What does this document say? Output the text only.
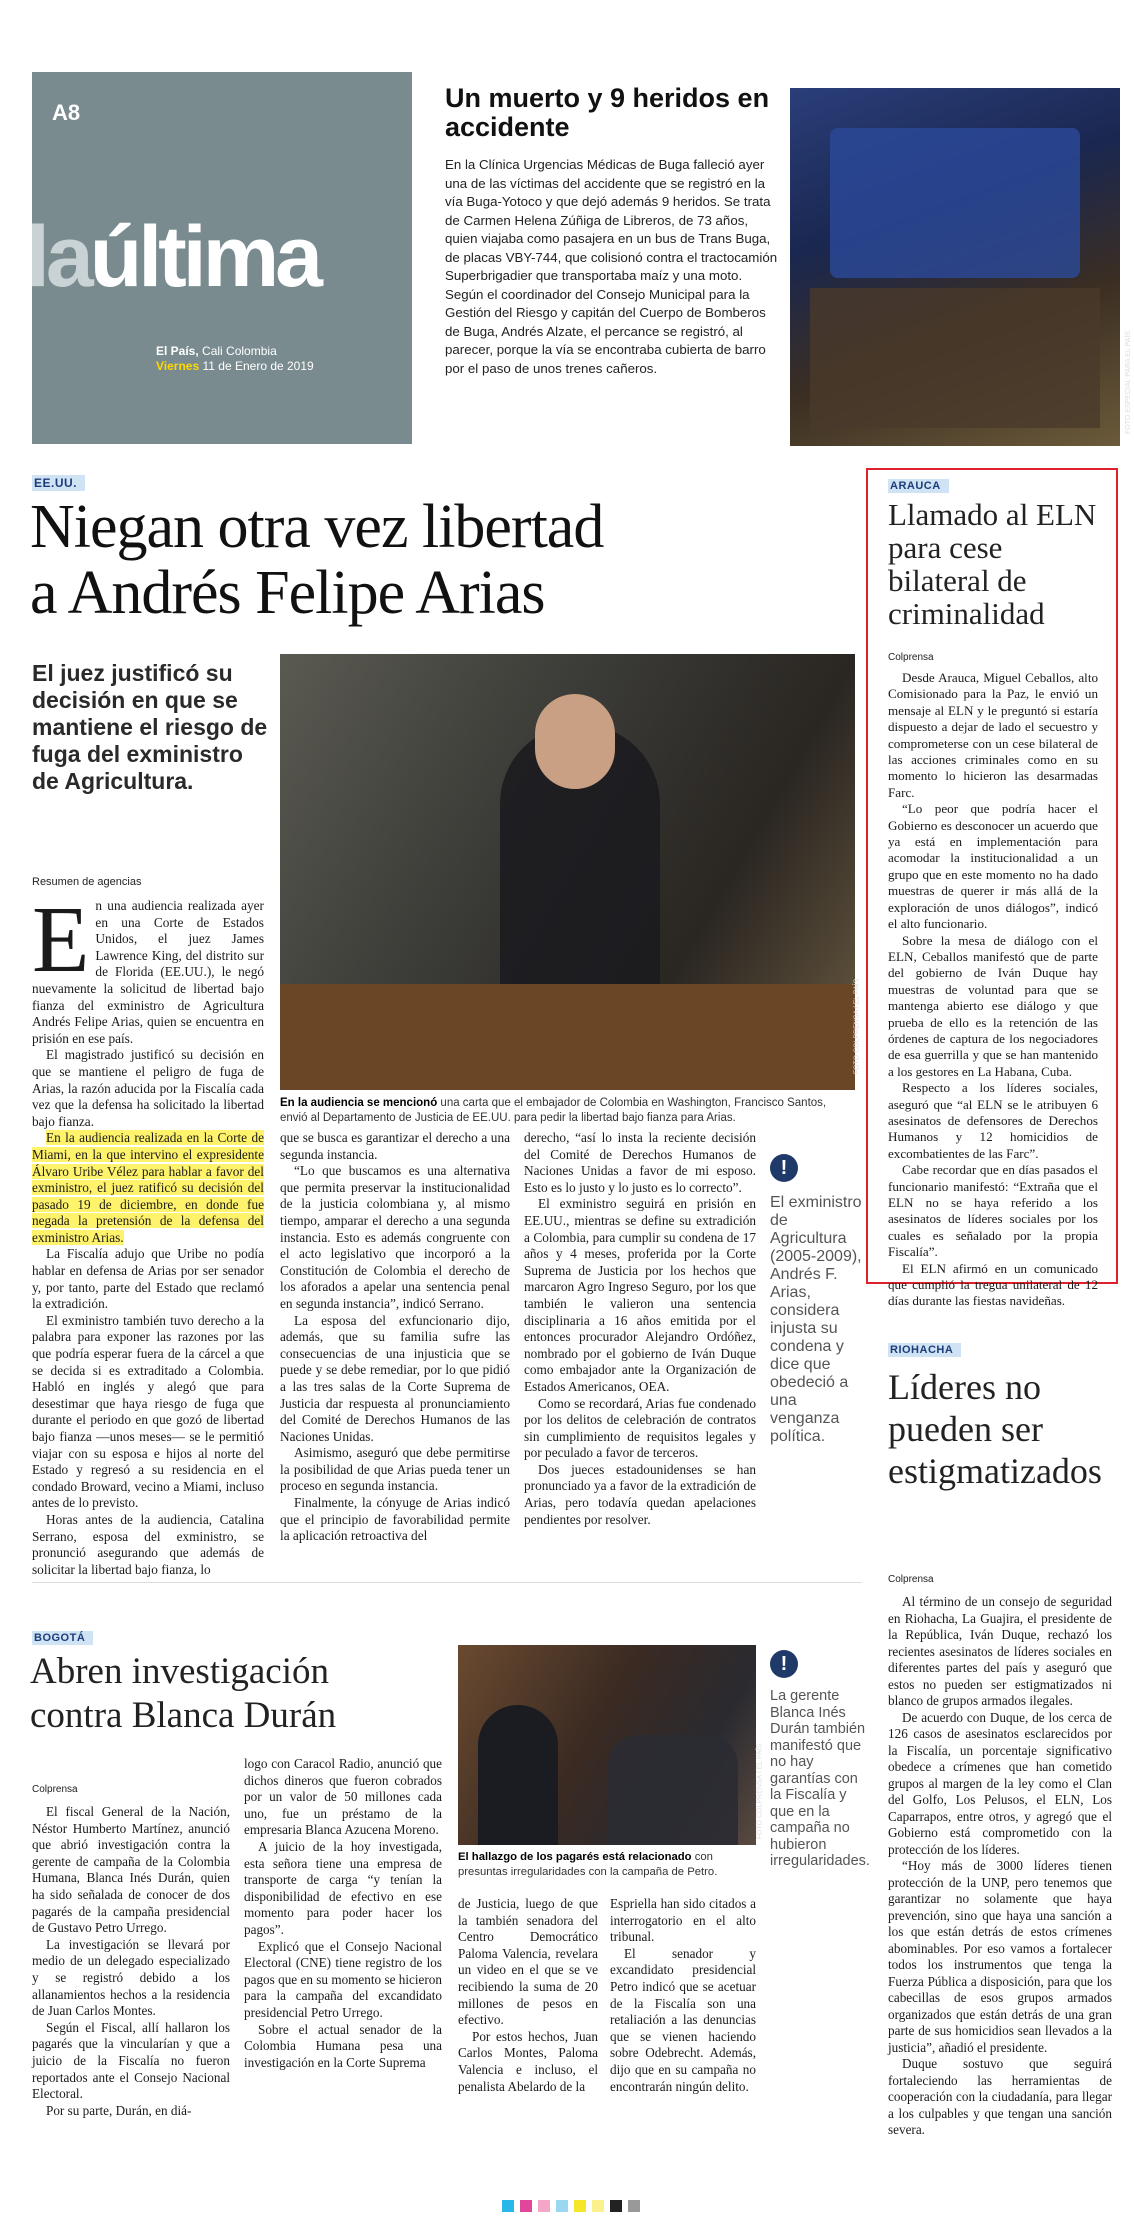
A8
laúltima
El País, Cali Colombia
Viernes 11 de Enero de 2019
Un muerto y 9 heridos en accidente
En la Clínica Urgencias Médicas de Buga falleció ayer una de las víctimas del accidente que se registró en la vía Buga-Yotoco y que dejó además 9 heridos. Se trata de Carmen Helena Zúñiga de Libreros, de 73 años, quien viajaba como pasajera en un bus de Trans Buga, de placas VBY-744, que colisionó contra el tractocamión Superbrigadier que transportaba maíz y una moto. Según el coordinador del Consejo Municipal para la Gestión del Riesgo y capitán del Cuerpo de Bomberos de Buga, Andrés Alzate, el percance se registró, al parecer, porque la vía se encontraba cubierta de barro por el paso de unos trenes cañeros.	FOTO ESPECIAL PARA EL PAÍS
EE.UU.
Niegan otra vez libertad
a Andrés Felipe Arias
El juez justificó su decisión en que se mantiene el riesgo de fuga del exministro de Agricultura.
Resumen de agencias
FOTO COLPRENSA / EL PAÍS
En la audiencia se mencionó una carta que el embajador de Colombia en Washington, Francisco Santos, envió al Departamento de Justicia de EE.UU. para pedir la libertad bajo fianza para Arias.

En una audiencia realizada ayer en una Corte de Estados Unidos, el juez James Lawrence King, del distrito sur de Florida (EE.UU.), le negó nuevamente la solicitud de libertad bajo fianza del exministro de Agricultura Andrés Felipe Arias, quien se encuentra en prisión en ese país.

El magistrado justificó su decisión en que se mantiene el peligro de fuga de Arias, la razón aducida por la Fiscalía cada vez que la defensa ha solicitado la libertad bajo fianza.

En la audiencia realizada en la Corte de Miami, en la que intervino el expresidente Álvaro Uribe Vélez para hablar a favor del exministro, el juez ratificó su decisión del pasado 19 de diciembre, en donde fue negada la pretensión de la defensa del exministro Arias.

La Fiscalía adujo que Uribe no podía hablar en defensa de Arias por ser senador y, por tanto, parte del Estado que reclamó la extradición.

El exministro también tuvo derecho a la palabra para exponer las razones por las que podría esperar fuera de la cárcel a que se decida si es extraditado a Colombia. Habló en inglés y alegó que para desestimar que haya riesgo de fuga que durante el periodo en que gozó de libertad bajo fianza —unos meses— se le permitió viajar con su esposa e hijos al norte del Estado y regresó a su residencia en el condado Broward, vecino a Miami, incluso antes de lo previsto.

Horas antes de la audiencia, Catalina Serrano, esposa del exministro, se pronunció asegurando que además de solicitar la libertad bajo fianza, lo

que se busca es garantizar el derecho a una segunda instancia.

“Lo que buscamos es una alternativa que permita preservar la institucionalidad de la justicia colombiana y, al mismo tiempo, amparar el derecho a una segunda instancia. Esto es además congruente con el acto legislativo que incorporó a la Constitución de Colombia el derecho de los aforados a apelar una sentencia penal en segunda instancia”, indicó Serrano.

La esposa del exfuncionario dijo, además, que su familia sufre las consecuencias de una injusticia que se puede y se debe remediar, por lo que pidió a las tres salas de la Corte Suprema de Justicia dar respuesta al pronunciamiento del Comité de Derechos Humanos de las Naciones Unidas.

Asimismo, aseguró que debe permitirse la posibilidad de que Arias pueda tener un proceso en segunda instancia.

Finalmente, la cónyuge de Arias indicó que el principio de favorabilidad permite la aplicación retroactiva del

derecho, “así lo insta la reciente decisión del Comité de Derechos Humanos de Naciones Unidas a favor de mi esposo. Esto es lo justo y lo justo es lo correcto”.

El exministro seguirá en prisión en EE.UU., mientras se define su extradición a Colombia, para cumplir su condena de 17 años y 4 meses, proferida por la Corte Suprema de Justicia por los hechos que marcaron Agro Ingreso Seguro, por los que también le valieron una sentencia disciplinaria a 16 años emitida por el entonces procurador Alejandro Ordóñez, nombrado por el gobierno de Iván Duque como embajador ante la Organización de Estados Americanos, OEA.

Como se recordará, Arias fue condenado por los delitos de celebración de contratos sin cumplimiento de requisitos legales y por peculado a favor de terceros.

Dos jueces estadounidenses se han pronunciado ya a favor de la extradición de Arias, pero todavía quedan apelaciones pendientes por resolver.

!
El exministro de Agricultura (2005-2009), Andrés F. Arias, considera injusta su condena y dice que obedeció a una venganza política.
ARAUCA
Llamado al ELN para cese bilateral de criminalidad
Colprensa

Desde Arauca, Miguel Ceballos, alto Comisionado para la Paz, le envió un mensaje al ELN y le preguntó si estaría dispuesto a dejar de lado el secuestro y comprometerse con un cese bilateral de las acciones criminales como en su momento lo hicieron las desarmadas Farc.

“Lo peor que podría hacer el Gobierno es desconocer un acuerdo que ya está en implementación para acomodar la institucionalidad a un grupo que en este momento no ha dado muestras de querer ir más allá de la exploración de unos diálogos”, indicó el alto funcionario.

Sobre la mesa de diálogo con el ELN, Ceballos manifestó que de parte del gobierno de Iván Duque hay muestras de voluntad para que se mantenga abierto ese diálogo y que prueba de ello es la retención de las órdenes de captura de los negociadores de esa guerrilla y que se han mantenido a los gestores en La Habana, Cuba.

Respecto a los líderes sociales, aseguró que “al ELN se le atribuyen 6 asesinatos de defensores de Derechos Humanos y 12 homicidios de excombatientes de las Farc”.

Cabe recordar que en días pasados el funcionario manifestó: “Extraña que el ELN no se haya referido a los asesinatos de líderes sociales por los cuales es señalado por la propia Fiscalía”.

El ELN afirmó en un comunicado que cumplió la tregua unilateral de 12 días durante las fiestas navideñas.

RIOHACHA
Líderes no pueden ser estigmatizados
Colprensa

Al término de un consejo de seguridad en Riohacha, La Guajira, el presidente de la República, Iván Duque, rechazó los recientes asesinatos de líderes sociales en diferentes partes del país y aseguró que estos no pueden ser estigmatizados ni blanco de grupos armados ilegales.

De acuerdo con Duque, de los cerca de 126 casos de asesinatos esclarecidos por la Fiscalía, un porcentaje significativo obedece a crímenes que han cometido grupos al margen de la ley como el Clan del Golfo, Los Pelusos, el ELN, Los Caparrapos, entre otros, y agregó que el Gobierno está comprometido con la protección de los líderes.

“Hoy más de 3000 líderes tienen protección de la UNP, pero tenemos que garantizar no solamente que haya prevención, sino que haya una sanción a los que están detrás de estos crímenes abominables. Por eso vamos a fortalecer todos los instrumentos que tenga la Fuerza Pública a disposición, para que los cabecillas de esos grupos armados organizados que están detrás de una gran parte de sus homicidios sean llevados a la justicia”, añadió el presidente.

Duque sostuvo que seguirá fortaleciendo las herramientas de cooperación con la ciudadanía, para llegar a los culpables y que tengan una sanción severa.

BOGOTÁ
Abren investigación
contra Blanca Durán
Colprensa

El fiscal General de la Nación, Néstor Humberto Martínez, anunció que abrió investigación contra la gerente de campaña de la Colombia Humana, Blanca Inés Durán, quien ha sido señalada de conocer de dos pagarés de la campaña presidencial de Gustavo Petro Urrego.

La investigación se llevará por medio de un delegado especializado y se registró debido a los allanamientos hechos a la residencia de Juan Carlos Montes.

Según el Fiscal, allí hallaron los pagarés que la vincularían y que a juicio de la Fiscalía no fueron reportados ante el Consejo Nacional Electoral.

Por su parte, Durán, en diá-

logo con Caracol Radio, anunció que dichos dineros que fueron cobrados por un valor de 50 millones cada uno, fue un préstamo de la empresaria Blanca Azucena Moreno.

A juicio de la hoy investigada, esta señora tiene una empresa de transporte de carga “y tenían la disponibilidad de efectivo en ese momento para poder hacer los pagos”.

Explicó que el Consejo Nacional Electoral (CNE) tiene registro de los pagos que en su momento se hicieron para la campaña del excandidato presidencial Petro Urrego.

Sobre el actual senador de la Colombia Humana pesa una investigación en la Corte Suprema

FOTO COLPRENSA / EL PAÍS
El hallazgo de los pagarés está relacionado con presuntas irregularidades con la campaña de Petro.

de Justicia, luego de que la también senadora del Centro Democrático Paloma Valencia, revelara un video en el que se ve recibiendo la suma de 20 millones de pesos en efectivo.

Por estos hechos, Juan Carlos Montes, Paloma Valencia e incluso, el penalista Abelardo de la

Espriella han sido citados a interrogatorio en el alto tribunal.

El senador y excandidato presidencial Petro indicó que se acetuar de la Fiscalía son una retaliación a las denuncias que se vienen haciendo sobre Odebrecht. Además, dijo que en su campaña no encontrarán ningún delito.

!
La gerente Blanca Inés Durán también manifestó que no hay garantías con la Fiscalía y que en la campaña no hubieron irregularidades.
